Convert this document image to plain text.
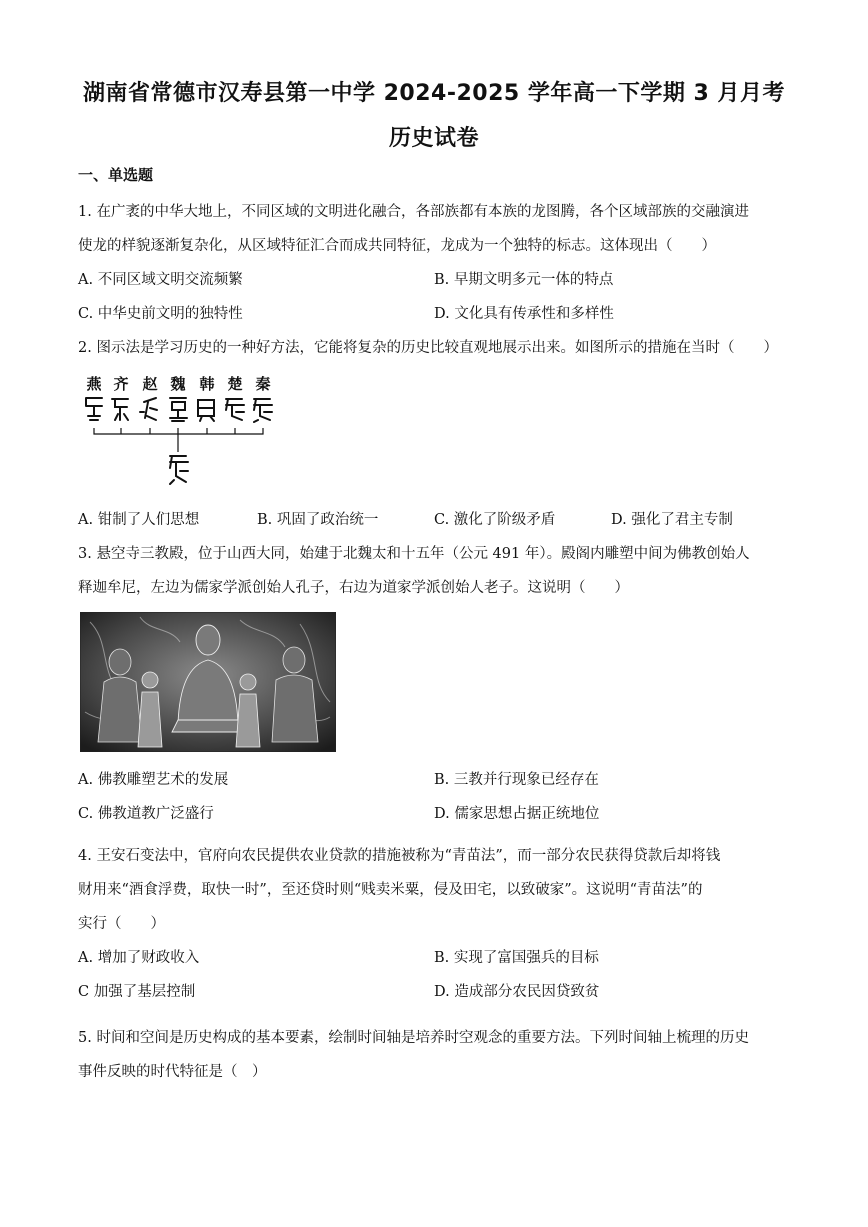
湖南省常德市汉寿县第一中学 2024-2025 学年高一下学期 3 月月考
历史试卷
一、单选题
1. 在广袤的中华大地上，不同区域的文明进化融合，各部族都有本族的龙图腾，各个区域部族的交融演进
使龙的样貌逐渐复杂化，从区域特征汇合而成共同特征，龙成为一个独特的标志。这体现出（　　）
A. 不同区域文明交流频繁	B. 早期文明多元一体的特点
C. 中华史前文明的独特性	D. 文化具有传承性和多样性
2. 图示法是学习历史的一种好方法，它能将复杂的历史比较直观地展示出来。如图所示的措施在当时（　　）
燕 齐 赵 魏 韩 楚 秦
A. 钳制了人们思想	B. 巩固了政治统一	C. 激化了阶级矛盾	D. 强化了君主专制
3. 悬空寺三教殿，位于山西大同，始建于北魏太和十五年（公元 491 年）。殿阁内雕塑中间为佛教创始人
释迦牟尼，左边为儒家学派创始人孔子，右边为道家学派创始人老子。这说明（　　）
A. 佛教雕塑艺术的发展	B. 三教并行现象已经存在
C. 佛教道教广泛盛行	D. 儒家思想占据正统地位
4. 王安石变法中，官府向农民提供农业贷款的措施被称为“青苗法”，而一部分农民获得贷款后却将钱
财用来“酒食浮费，取快一时”，至还贷时则“贱卖米粟，侵及田宅，以致破家”。这说明“青苗法”的
实行（　　）
A. 增加了财政收入	B. 实现了富国强兵的目标
C 加强了基层控制	D. 造成部分农民因贷致贫
5. 时间和空间是历史构成的基本要素，绘制时间轴是培养时空观念的重要方法。下列时间轴上梳理的历史
事件反映的时代特征是（　）
